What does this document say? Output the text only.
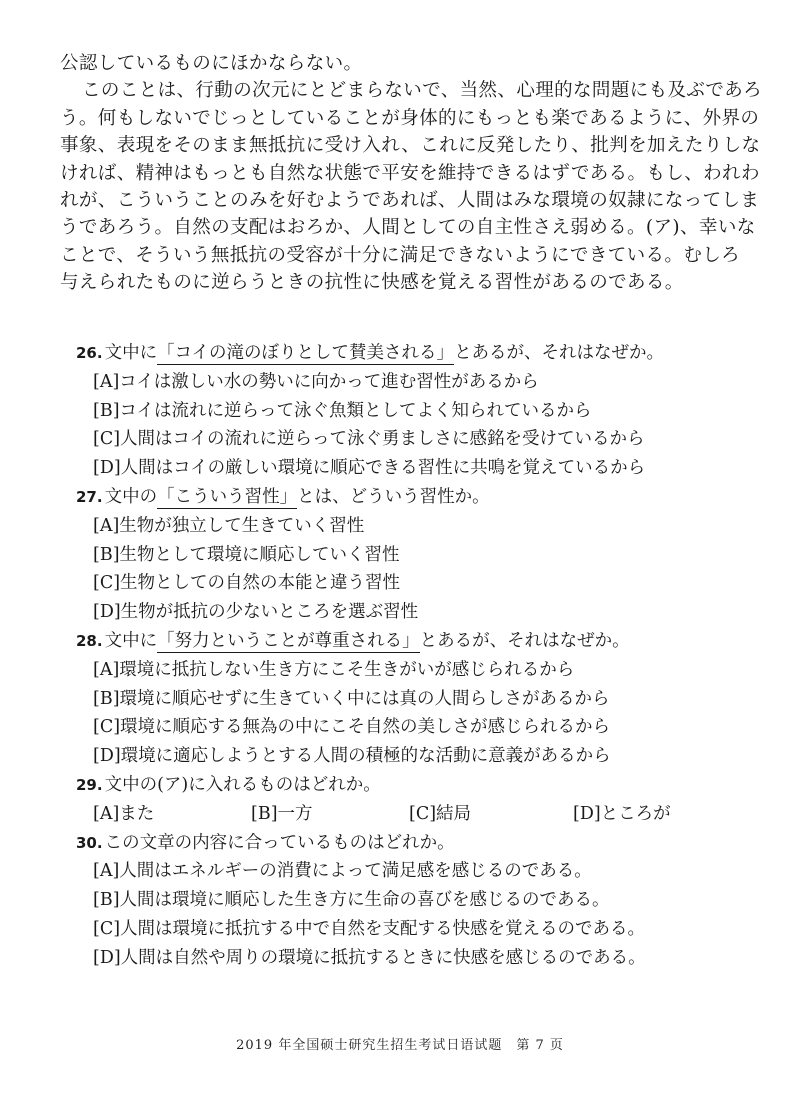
公認しているものにほかならない。
このことは、行動の次元にとどまらないで、当然、心理的な問題にも及ぶであろ
う。何もしないでじっとしていることが身体的にもっとも楽であるように、外界の
事象、表現をそのまま無抵抗に受け入れ、これに反発したり、批判を加えたりしな
ければ、精神はもっとも自然な状態で平安を維持できるはずである。もし、われわ
れが、こういうことのみを好むようであれば、人間はみな環境の奴隷になってしま
うであろう。自然の支配はおろか、人間としての自主性さえ弱める。(ア)、幸いな
ことで、そういう無抵抗の受容が十分に満足できないようにできている。むしろ
与えられたものに逆らうときの抗性に快感を覚える習性があるのである。
26. 文中に「コイの滝のぼりとして賛美される」とあるが、それはなぜか。
[A]コイは激しい水の勢いに向かって進む習性があるから
[B]コイは流れに逆らって泳ぐ魚類としてよく知られているから
[C]人間はコイの流れに逆らって泳ぐ勇ましさに感銘を受けているから
[D]人間はコイの厳しい環境に順応できる習性に共鳴を覚えているから
27. 文中の「こういう習性」とは、どういう習性か。
[A]生物が独立して生きていく習性
[B]生物として環境に順応していく習性
[C]生物としての自然の本能と違う習性
[D]生物が抵抗の少ないところを選ぶ習性
28. 文中に「努力ということが尊重される」とあるが、それはなぜか。
[A]環境に抵抗しない生き方にこそ生きがいが感じられるから
[B]環境に順応せずに生きていく中には真の人間らしさがあるから
[C]環境に順応する無為の中にこそ自然の美しさが感じられるから
[D]環境に適応しようとする人間の積極的な活動に意義があるから
29. 文中の(ア)に入れるものはどれか。
[A]また	[B]一方	[C]結局	[D]ところが
30. この文章の内容に合っているものはどれか。
[A]人間はエネルギーの消費によって満足感を感じるのである。
[B]人間は環境に順応した生き方に生命の喜びを感じるのである。
[C]人間は環境に抵抗する中で自然を支配する快感を覚えるのである。
[D]人間は自然や周りの環境に抵抗するときに快感を感じるのである。
2019 年全国硕士研究生招生考试日语试题　第 7 页
